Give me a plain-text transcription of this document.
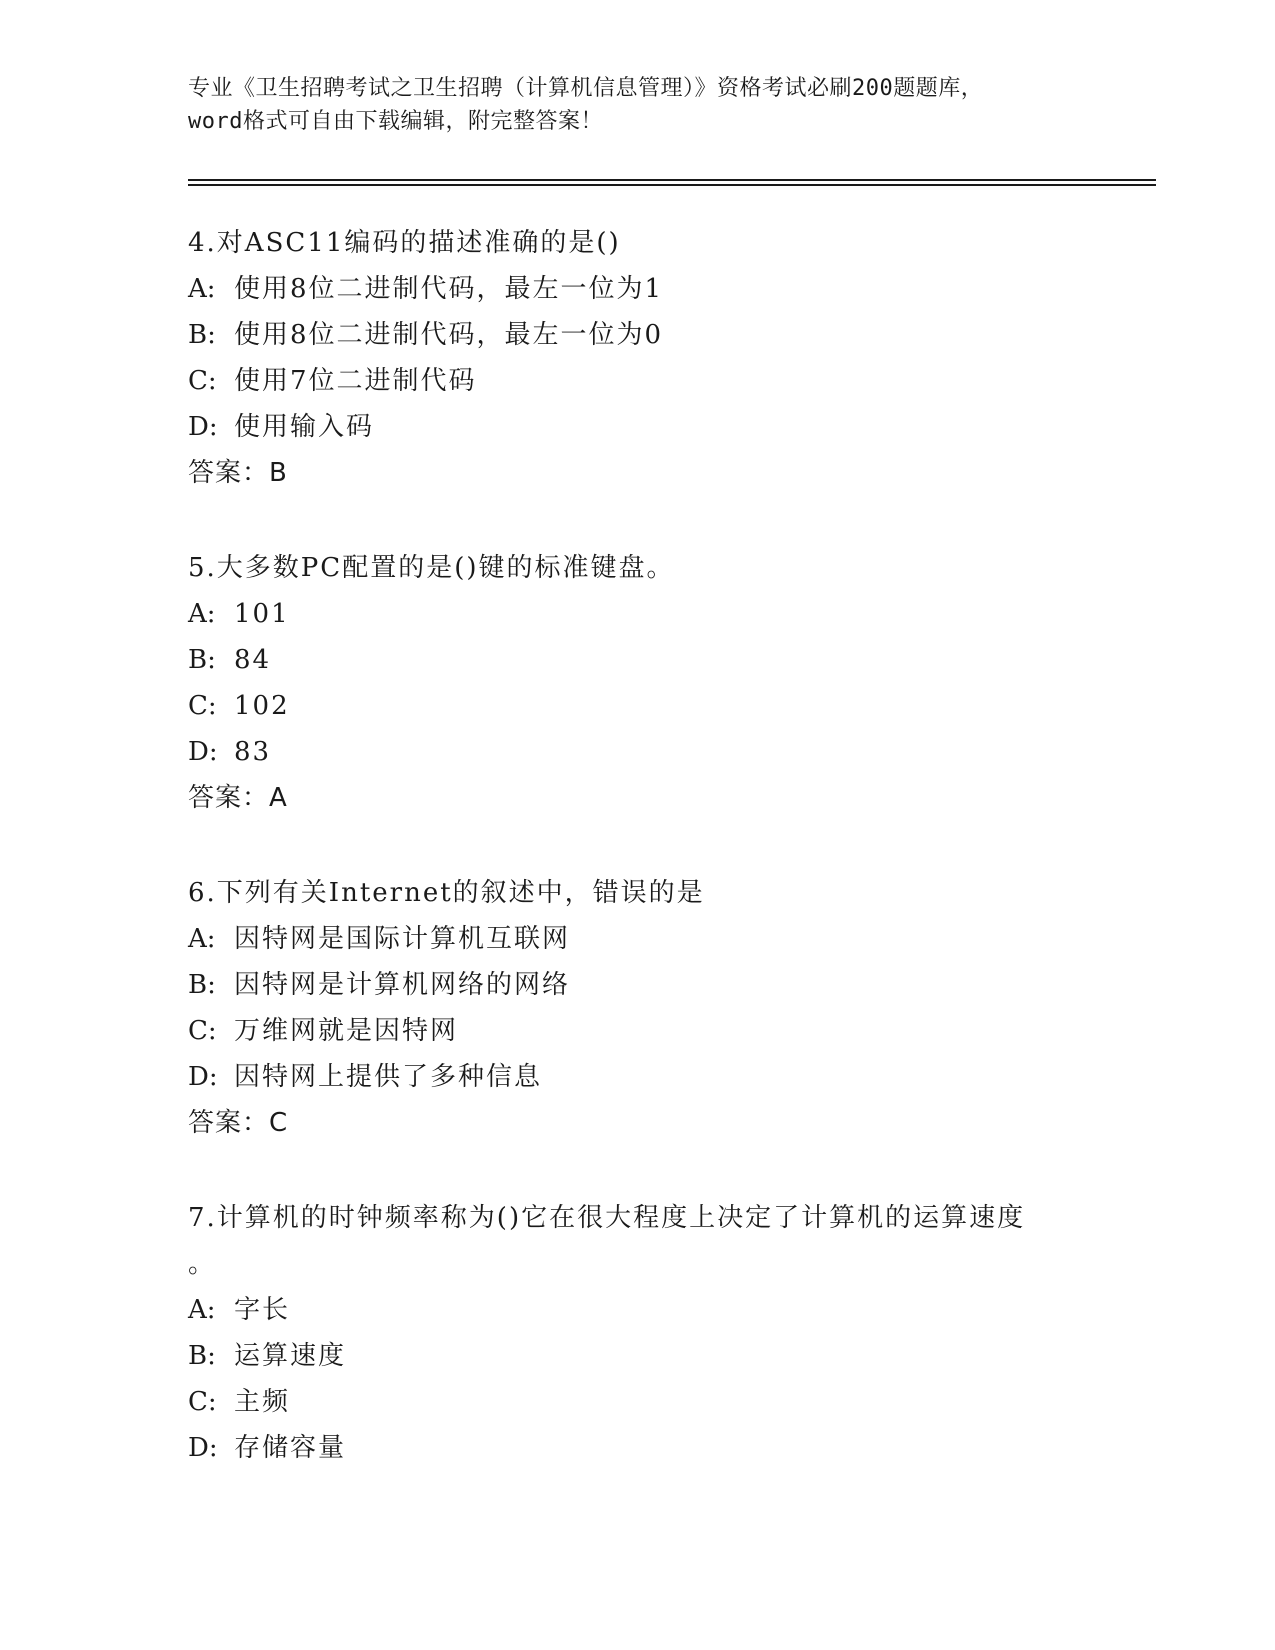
专业《卫生招聘考试之卫生招聘（计算机信息管理）》资格考试必刷200题题库，
word格式可自由下载编辑，附完整答案！
4.对ASC11编码的描述准确的是()
A: 使用8位二进制代码，最左一位为1
B: 使用8位二进制代码，最左一位为0
C: 使用7位二进制代码
D: 使用输入码
答案：B
5.大多数PC配置的是()键的标准键盘。
A: 101
B: 84
C: 102
D: 83
答案：A
6.下列有关Internet的叙述中，错误的是
A: 因特网是国际计算机互联网
B: 因特网是计算机网络的网络
C: 万维网就是因特网
D: 因特网上提供了多种信息
答案：C
7.计算机的时钟频率称为()它在很大程度上决定了计算机的运算速度
。
A: 字长
B: 运算速度
C: 主频
D: 存储容量
